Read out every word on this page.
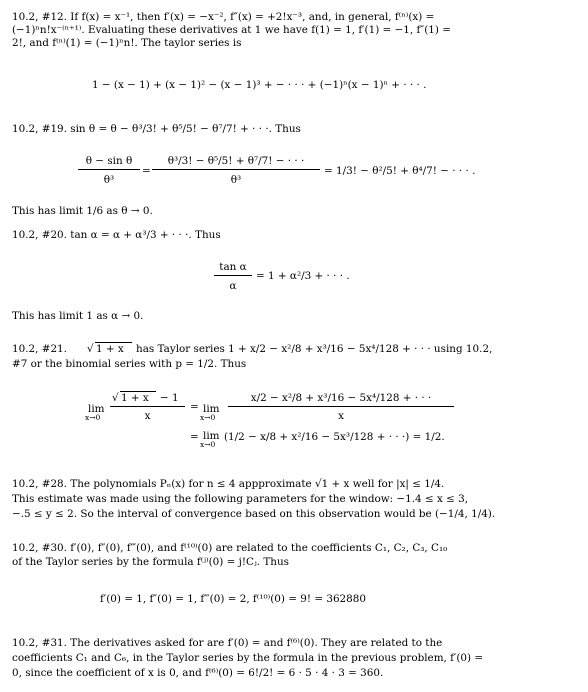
10.2, #12. If f(x) = x⁻¹, then f′(x) = −x⁻², f″(x) = +2!x⁻³, and, in general, f⁽ⁿ⁾(x) =
(−1)ⁿn!x⁻⁽ⁿ⁺¹⁾. Evaluating these derivatives at 1 we have f(1) = 1, f′(1) = −1, f″(1) =
2!, and f⁽ⁿ⁾(1) = (−1)ⁿn!. The taylor series is
1 − (x − 1) + (x − 1)² − (x − 1)³ + − · · · + (−1)ⁿ(x − 1)ⁿ + · · · .
10.2, #19. sin θ = θ − θ³/3! + θ⁵/5! − θ⁷/7! + · · ·. Thus
θ − sin θ
θ³
=
θ³/3! − θ⁵/5! + θ⁷/7! − · · ·
θ³
= 1/3! − θ²/5! + θ⁴/7! − · · · .
This has limit 1/6 as θ → 0.
10.2, #20. tan α = α + α³/3 + · · ·. Thus
tan α
α
= 1 + α²/3 + · · · .
This has limit 1 as α → 0.
10.2, #21. √ 1 + x has Taylor series 1 + x/2 − x²/8 + x³/16 − 5x⁴/128 + · · · using 10.2,
#7 or the binomial series with p = 1/2. Thus
lim
x→0
√ 1 + x − 1
x
= lim
x→0
x/2 − x²/8 + x³/16 − 5x⁴/128 + · · ·
x
= lim
x→0
(1/2 − x/8 + x²/16 − 5x³/128 + · · ·) = 1/2.
10.2, #28. The polynomials Pₙ(x) for n ≤ 4 appproximate √1 + x well for |x| ≤ 1/4.
This estimate was made using the following parameters for the window: −1.4 ≤ x ≤ 3,
−.5 ≤ y ≤ 2. So the interval of convergence based on this observation would be (−1/4, 1/4).
10.2, #30. f′(0), f″(0), f‴(0), and f⁽¹⁰⁾(0) are related to the coefficients C₁, C₂, C₃, C₁₀
of the Taylor series by the formula f⁽ʲ⁾(0) = j!Cⱼ. Thus
f′(0) = 1, f″(0) = 1, f‴(0) = 2, f⁽¹⁰⁾(0) = 9! = 362880
10.2, #31. The derivatives asked for are f′(0) = and f⁽⁶⁾(0). They are related to the
coefficients C₁ and C₆, in the Taylor series by the formula in the previous problem, f′(0) =
0, since the coefficient of x is 0, and f⁽⁶⁾(0) = 6!/2! = 6 · 5 · 4 · 3 = 360.
